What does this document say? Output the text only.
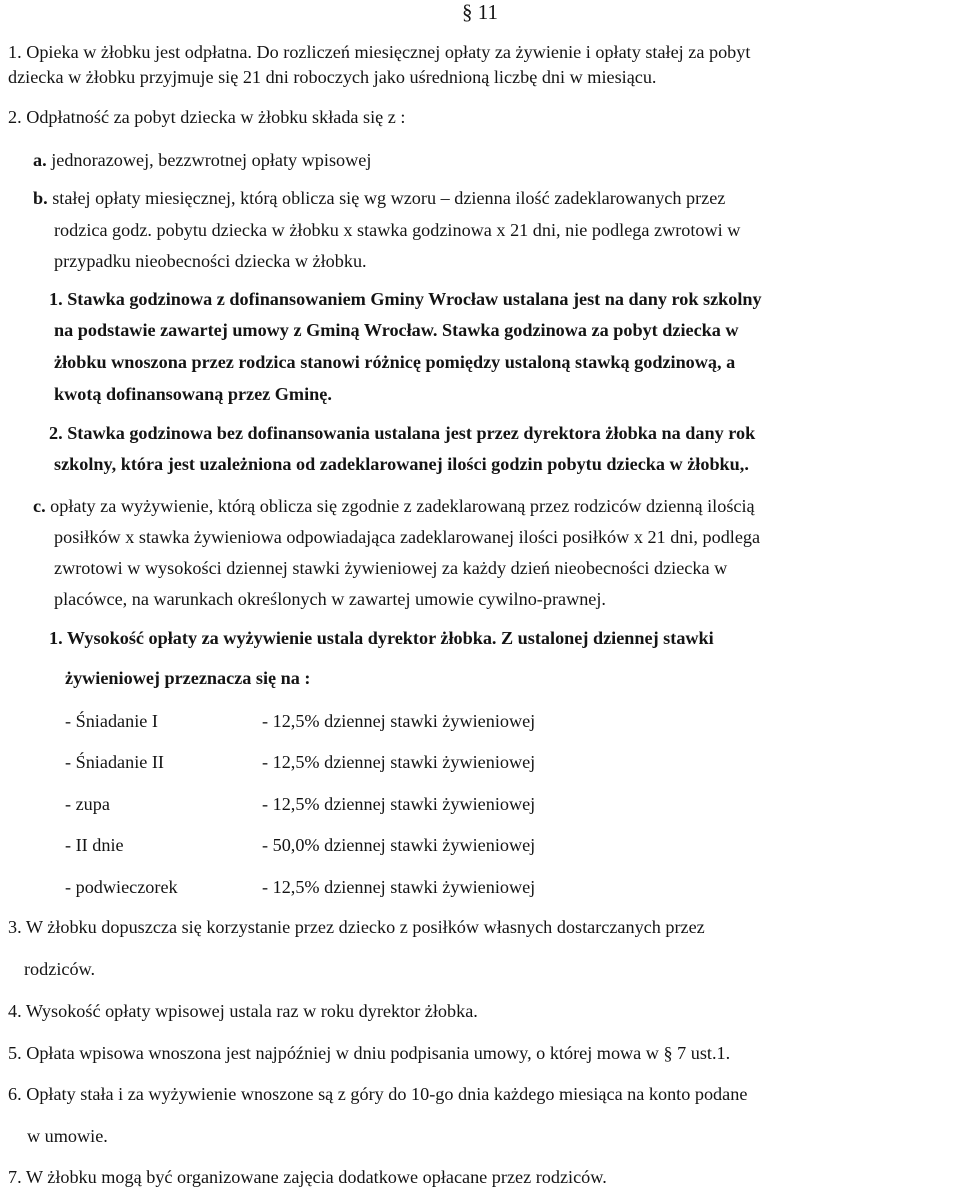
§ 11
1. Opieka w żłobku jest odpłatna. Do rozliczeń miesięcznej opłaty za żywienie i opłaty stałej za pobyt
dziecka w żłobku przyjmuje się 21 dni roboczych jako uśrednioną liczbę dni w miesiącu.
2. Odpłatność za pobyt dziecka w żłobku składa się z :
a. jednorazowej, bezzwrotnej opłaty wpisowej
b. stałej opłaty miesięcznej, którą oblicza się wg wzoru – dzienna ilość zadeklarowanych przez
rodzica godz. pobytu dziecka w żłobku x stawka godzinowa x 21 dni, nie podlega zwrotowi w
przypadku nieobecności dziecka w żłobku.
1. Stawka godzinowa z dofinansowaniem Gminy Wrocław ustalana jest na dany rok szkolny
na podstawie zawartej umowy z Gminą Wrocław. Stawka godzinowa za pobyt dziecka w
żłobku wnoszona przez rodzica stanowi różnicę pomiędzy ustaloną stawką godzinową, a
kwotą dofinansowaną przez Gminę.
2. Stawka godzinowa bez dofinansowania ustalana jest przez dyrektora żłobka na dany rok
szkolny, która jest uzależniona od zadeklarowanej ilości godzin pobytu dziecka w żłobku,.
c. opłaty za wyżywienie, którą oblicza się zgodnie z zadeklarowaną przez rodziców dzienną ilością
posiłków x stawka żywieniowa odpowiadająca zadeklarowanej ilości posiłków x 21 dni, podlega
zwrotowi w wysokości dziennej stawki żywieniowej za każdy dzień nieobecności dziecka w
placówce, na warunkach określonych w zawartej umowie cywilno-prawnej.
1. Wysokość opłaty za wyżywienie ustala dyrektor żłobka. Z ustalonej dziennej stawki
żywieniowej przeznacza się na :
- Śniadanie I	- 12,5% dziennej stawki żywieniowej
- Śniadanie II	- 12,5% dziennej stawki żywieniowej
- zupa	- 12,5% dziennej stawki żywieniowej
- II dnie	- 50,0% dziennej stawki żywieniowej
- podwieczorek	- 12,5% dziennej stawki żywieniowej
3. W żłobku dopuszcza się korzystanie przez dziecko z posiłków własnych dostarczanych przez
rodziców.
4. Wysokość opłaty wpisowej ustala raz w roku dyrektor żłobka.
5. Opłata wpisowa wnoszona jest najpóźniej w dniu podpisania umowy, o której mowa w § 7 ust.1.
6. Opłaty stała i za wyżywienie wnoszone są z góry do 10-go dnia każdego miesiąca na konto podane
w umowie.
7. W żłobku mogą być organizowane zajęcia dodatkowe opłacane przez rodziców.
